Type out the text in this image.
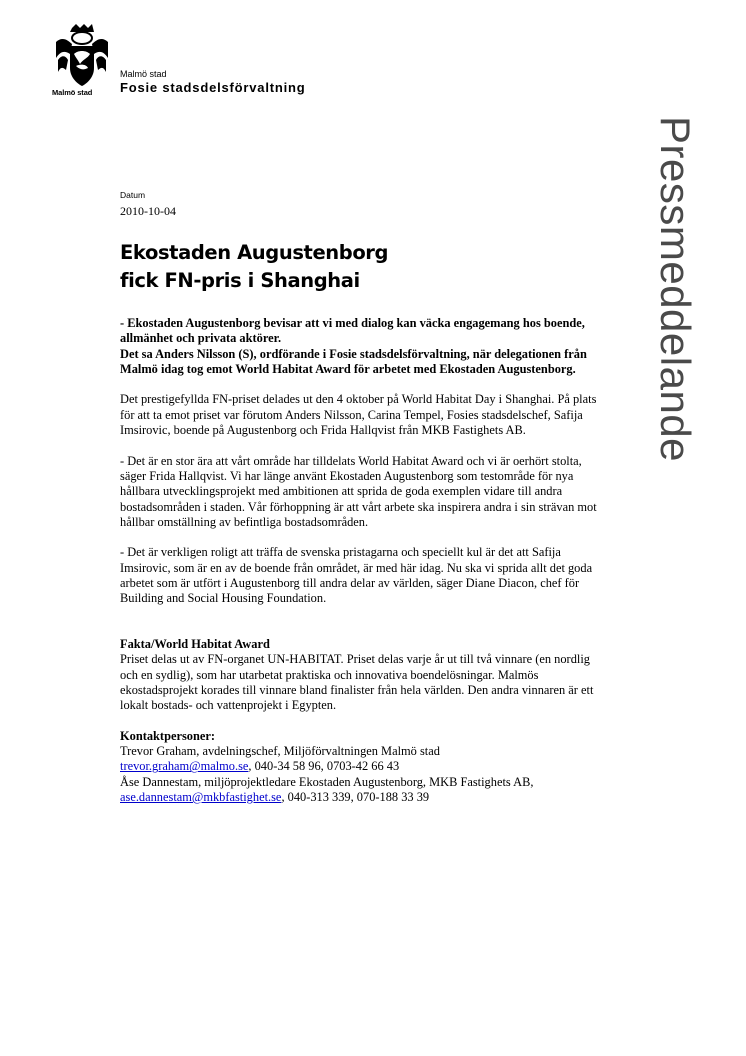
Malmö stad
Malmö stad
Fosie stadsdelsförvaltning
Pressmeddelande
Datum
2010-10-04
Ekostaden Augustenborg
fick FN-pris i Shanghai

- Ekostaden Augustenborg bevisar att vi med dialog kan väcka engagemang hos boende, allmänhet och privata aktörer.
Det sa Anders Nilsson (S), ordförande i Fosie stadsdelsförvaltning, när delegationen från Malmö idag tog emot World Habitat Award för arbetet med Ekostaden Augustenborg.

Det prestigefyllda FN-priset delades ut den 4 oktober på World Habitat Day i Shanghai. På plats för att ta emot priset var förutom Anders Nilsson, Carina Tempel, Fosies stadsdelschef, Safija Imsirovic, boende på Augustenborg och Frida Hallqvist från MKB Fastighets AB.

- Det är en stor ära att vårt område har tilldelats World Habitat Award och vi är oerhört stolta, säger Frida Hallqvist. Vi har länge använt Ekostaden Augustenborg som testområde för nya hållbara utvecklingsprojekt med ambitionen att sprida de goda exemplen vidare till andra bostadsområden i staden. Vår förhoppning är att vårt arbete ska inspirera andra i sin strävan mot hållbar omställning av befintliga bostadsområden.

- Det är verkligen roligt att träffa de svenska pristagarna och speciellt kul är det att Safija Imsirovic, som är en av de boende från området, är med här idag. Nu ska vi sprida allt det goda arbetet som är utfört i Augustenborg till andra delar av världen, säger Diane Diacon, chef för Building and Social Housing Foundation.

Fakta/World Habitat Award
Priset delas ut av FN-organet UN-HABITAT. Priset delas varje år ut till två vinnare (en nordlig och en sydlig), som har utarbetat praktiska och innovativa boendelösningar. Malmös ekostadsprojekt korades till vinnare bland finalister från hela världen. Den andra vinnaren är ett lokalt bostads- och vattenprojekt i Egypten.

Kontaktpersoner:
Trevor Graham, avdelningschef, Miljöförvaltningen Malmö stad
trevor.graham@malmo.se, 040-34 58 96, 0703-42 66 43
Åse Dannestam, miljöprojektledare Ekostaden Augustenborg, MKB Fastighets AB, ase.dannestam@mkbfastighet.se, 040-313 339, 070-188 33 39
